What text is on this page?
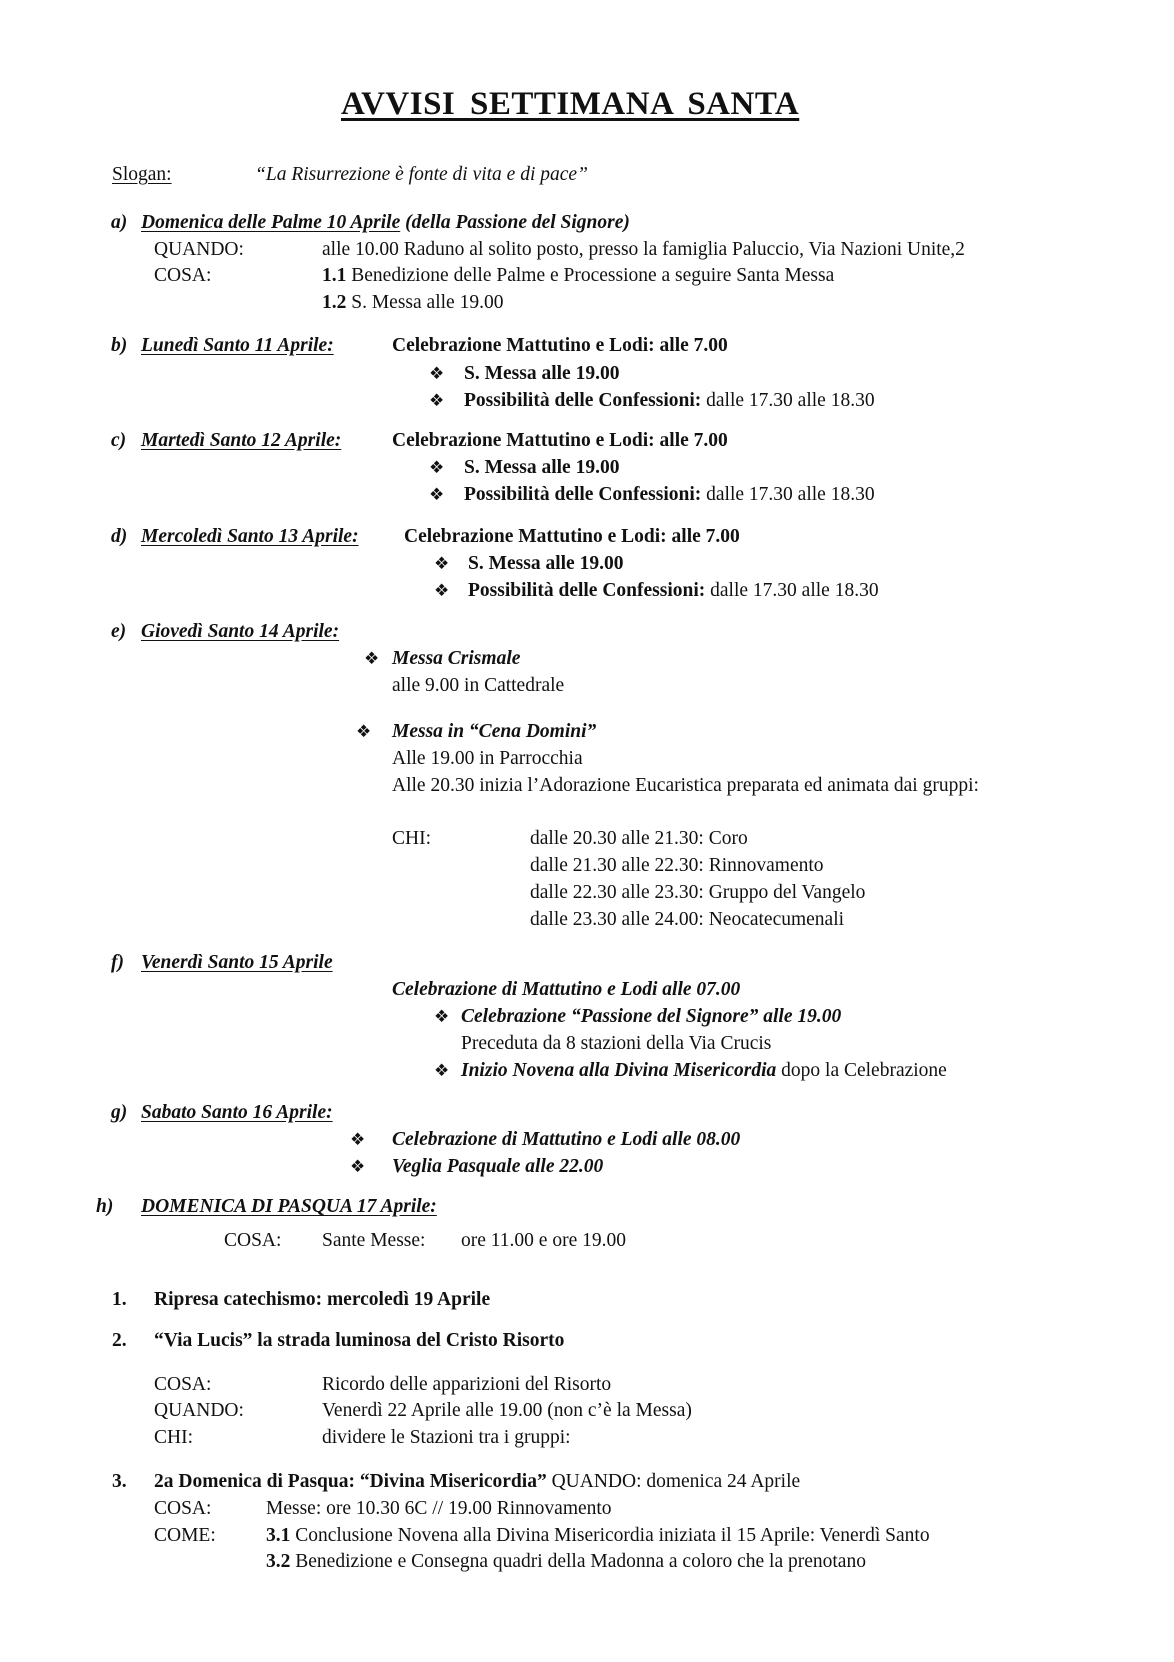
AVVISI SETTIMANA SANTA
Slogan:	“La Risurrezione è fonte di vita e di pace”
a) Domenica delle Palme 10 Aprile (della Passione del Signore)
QUANDO:	alle 10.00 Raduno al solito posto, presso la famiglia Paluccio, Via Nazioni Unite,2
COSA:	1.1 Benedizione delle Palme e Processione a seguire Santa Messa
1.2 S. Messa alle 19.00
b) Lunedì Santo 11 Aprile:	Celebrazione Mattutino e Lodi: alle 7.00
❖ S. Messa alle 19.00
❖ Possibilità delle Confessioni: dalle 17.30 alle 18.30
c) Martedì Santo 12 Aprile:	Celebrazione Mattutino e Lodi: alle 7.00
❖ S. Messa alle 19.00
❖ Possibilità delle Confessioni: dalle 17.30 alle 18.30
d) Mercoledì Santo 13 Aprile: Celebrazione Mattutino e Lodi: alle 7.00
❖ S. Messa alle 19.00
❖ Possibilità delle Confessioni: dalle 17.30 alle 18.30
e) Giovedì Santo 14 Aprile:
❖ Messa Crismale
alle 9.00 in Cattedrale
❖ Messa in “Cena Domini”
Alle 19.00 in Parrocchia
Alle 20.30 inizia l’Adorazione Eucaristica preparata ed animata dai gruppi:
CHI:	dalle 20.30 alle 21.30: Coro
dalle 21.30 alle 22.30: Rinnovamento
dalle 22.30 alle 23.30: Gruppo del Vangelo
dalle 23.30 alle 24.00: Neocatecumenali
f) Venerdì Santo 15 Aprile
Celebrazione di Mattutino e Lodi alle 07.00
❖ Celebrazione “Passione del Signore” alle 19.00
Preceduta da 8 stazioni della Via Crucis
❖ Inizio Novena alla Divina Misericordia dopo la Celebrazione
g) Sabato Santo 16 Aprile:
❖ Celebrazione di Mattutino e Lodi alle 08.00
❖ Veglia Pasquale alle 22.00
h) DOMENICA DI PASQUA 17 Aprile:
COSA: Sante Messe: ore 11.00 e ore 19.00
1. Ripresa catechismo: mercoledì 19 Aprile
2. “Via Lucis” la strada luminosa del Cristo Risorto
COSA:	Ricordo delle apparizioni del Risorto
QUANDO:	Venerdì 22 Aprile alle 19.00 (non c’è la Messa)
CHI:	dividere le Stazioni tra i gruppi:
3. 2a Domenica di Pasqua: “Divina Misericordia” QUANDO: domenica 24 Aprile
COSA:	Messe: ore 10.30 6C // 19.00 Rinnovamento
COME:	3.1 Conclusione Novena alla Divina Misericordia iniziata il 15 Aprile: Venerdì Santo
3.2 Benedizione e Consegna quadri della Madonna a coloro che la prenotano
